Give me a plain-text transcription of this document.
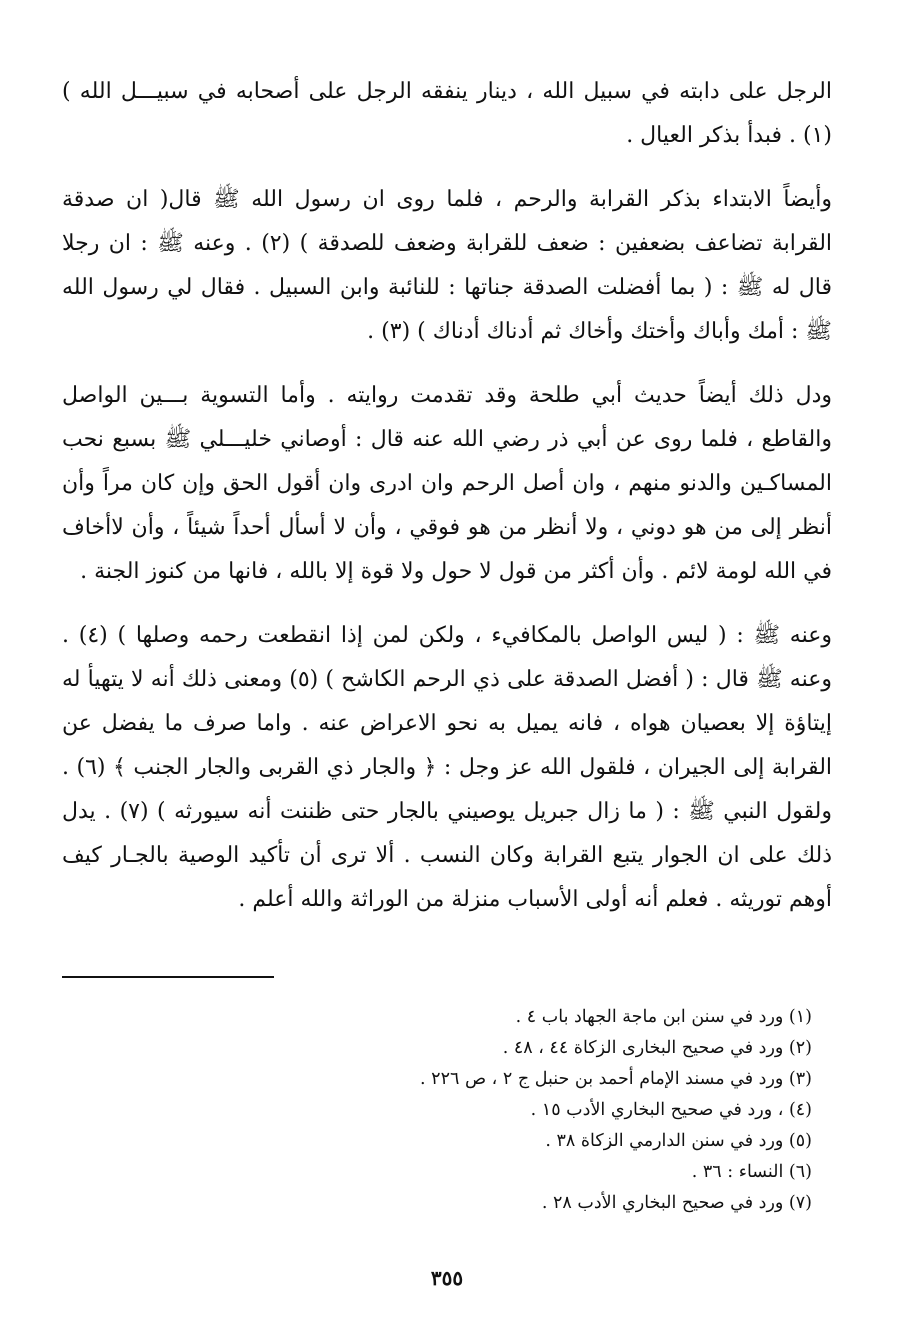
الرجل على دابته في سبيل الله ، دينار ينفقه الرجل على أصحابه في سبيـــل الله ) (١) . فبدأ بذكر العيال .

وأيضاً الابتداء بذكر القرابة والرحم ، فلما روى ان رسول الله ﷺ قال( ان صدقة القرابة تضاعف بضعفين : ضعف للقرابة وضعف للصدقة ) (٢) . وعنه ﷺ : ان رجلا قال له ﷺ : ( بما أفضلت الصدقة جناتها : للنائبة وابن السبيل . فقال لي رسول الله ﷺ : أمك وأباك وأختك وأخاك ثم أدناك أدناك ) (٣) .

ودل ذلك أيضاً حديث أبي طلحة وقد تقدمت روايته . وأما التسوية بـــين الواصل والقاطع ، فلما روى عن أبي ذر رضي الله عنه قال : أوصاني خليـــلي ﷺ بسبع نحب المساكـين والدنو منهم ، وان أصل الرحم وان ادرى وان أقول الحق وإن كان مراً وأن أنظر إلى من هو دوني ، ولا أنظر من هو فوقي ، وأن لا أسأل أحداً شيئاً ، وأن لاأخاف في الله لومة لائم . وأن أكثر من قول لا حول ولا قوة إلا بالله ، فانها من كنوز الجنة .

وعنه ﷺ : ( ليس الواصل بالمكافيء ، ولكن لمن إذا انقطعت رحمه وصلها ) (٤) . وعنه ﷺ قال : ( أفضل الصدقة على ذي الرحم الكاشح ) (٥) ومعنى ذلك أنه لا يتهيأ له إيتاؤة إلا بعصيان هواه ، فانه يميل به نحو الاعراض عنه . واما صرف ما يفضل عن القرابة إلى الجيران ، فلقول الله عز وجل : ﴿ والجار ذي القربى والجار الجنب ﴾ (٦) . ولقول النبي ﷺ : ( ما زال جبريل يوصيني بالجار حتى ظننت أنه سيورثه ) (٧) . يدل ذلك على ان الجوار يتبع القرابة وكان النسب . ألا ترى أن تأكيد الوصية بالجـار كيف أوهم توريثه . فعلم أنه أولى الأسباب منزلة من الوراثة والله أعلم .

(١) ورد في سنن ابن ماجة الجهاد باب ٤ .
(٢) ورد في صحيح البخارى الزكاة ٤٤ ، ٤٨ .
(٣) ورد في مسند الإمام أحمد بن حنبل ج ٢ ، ص ٢٢٦ .
(٤) ، ورد في صحيح البخاري الأدب ١٥ .
(٥) ورد في سنن الدارمي الزكاة ٣٨ .
(٦) النساء : ٣٦ .
(٧) ورد في صحيح البخاري الأدب ٢٨ .
٣٥٥
